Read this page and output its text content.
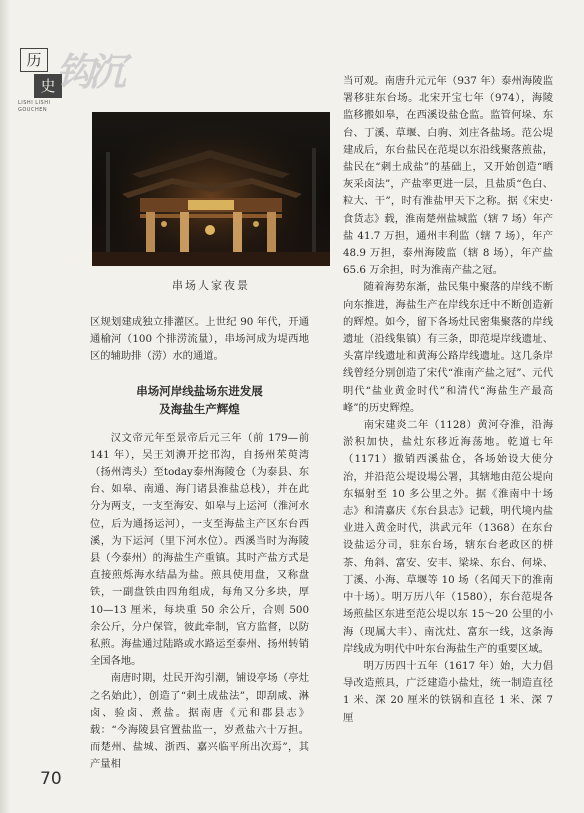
历
史 钩沉
LISHI LISHI
GOUCHEN
串场人家夜景

区规划建成独立排灌区。上世纪 90 年代，开通通榆河（100 个排涝流量），串场河成为堤西地区的辅助排（涝）水的通道。

串场河岸线盐场东进发展
及海盐生产辉煌

汉文帝元年至景帝后元三年（前 179—前 141 年），吴王刘濞开挖邗沟，自扬州茱萸湾（扬州湾头）至today泰州海陵仓（为泰县、东台、如皋、南通、海门诸县淮盐总栈），并在此分为两支，一支至海安、如皋与上运河（淮河水位，后为通扬运河），一支至海盐主产区东台西溪，为下运河（里下河水位）。西溪当时为海陵县（今泰州）的海盐生产重镇。其时产盐方式是直接煎烁海水结晶为盐。煎具使用盘，又称盘铁，一副盘铁由四角组成，每角又分多块，厚 10—13 厘米，每块重 50 余公斤，合则 500 余公斤，分户保管，彼此牵制，官方监督，以防私煎。海盐通过陆路或水路运至泰州、扬州转销全国各地。

南唐时期，灶民开沟引潮，铺设亭场（亭灶之名始此），创造了“刺土成盐法”，即刮咸、淋卤、验卤、煮盐。据南唐《元和郡县志》载：“今海陵县官置盐监一，岁煮盐六十万担。而楚州、盐城、浙西、嘉兴临平所出次焉”，其产量相

当可观。南唐升元元年（937 年）泰州海陵监署移驻东台场。北宋开宝七年（974），海陵监移搬如皋，在西溪设盐仓监。监管何垛、东台、丁溪、草堰、白驹、刘庄各盐场。范公堤建成后，东台盐民在范堤以东沿线聚落煎盐，盐民在“刺土成盐”的基础上，又开始创造“晒灰采卤法”，产盐率更进一层，且盐质“色白、粒大、干”，时有淮盐甲天下之称。据《宋史·食货志》载，淮南楚州盐城监（辖 7 场）年产盐 41.7 万担，通州丰利监（辖 7 场），年产 48.9 万担，泰州海陵监（辖 8 场），年产盐 65.6 万余担，时为淮南产盐之冠。

随着海势东渐，盐民集中聚落的岸线不断向东推进，海盐生产在岸线东迁中不断创造新的辉煌。如今，留下各场灶民密集聚落的岸线遗址（沿线集镇）有三条，即范堤岸线遗址、头富岸线遗址和黄海公路岸线遗址。这几条岸线曾经分别创造了宋代“淮南产盐之冠”、元代明代“盐业黄金时代”和清代“海盐生产最高峰”的历史辉煌。

南宋建炎二年（1128）黄河夺淮，沿海淤积加快，盐灶东移近海荡地。乾道七年（1171）撤销西溪盐仓，各场始设大使分治，并沿范公堤设場公署，其辖地由范公堤向东辐射至 10 多公里之外。据《淮南中十场志》和清嘉庆《东台县志》记载，明代境内盐业进入黄金时代，洪武元年（1368）在东台设盐运分司，驻东台场，辖东台老政区的栟茶、角斜、富安、安丰、梁垛、东台、何垛、丁溪、小海、草堰等 10 场（名闻天下的淮南中十场）。明万历八年（1580），东台范堤各场煎盐区东进至范公堤以东 15～20 公里的小海（现属大丰）、南沈灶、富东一线，这条海岸线成为明代中叶东台海盐生产的重要区域。

明万历四十五年（1617 年）始，大力倡导改造煎具，广泛建造小盐灶，统一制造直径 1 米、深 20 厘米的铁锅和直径 1 米、深 7 厘

70
